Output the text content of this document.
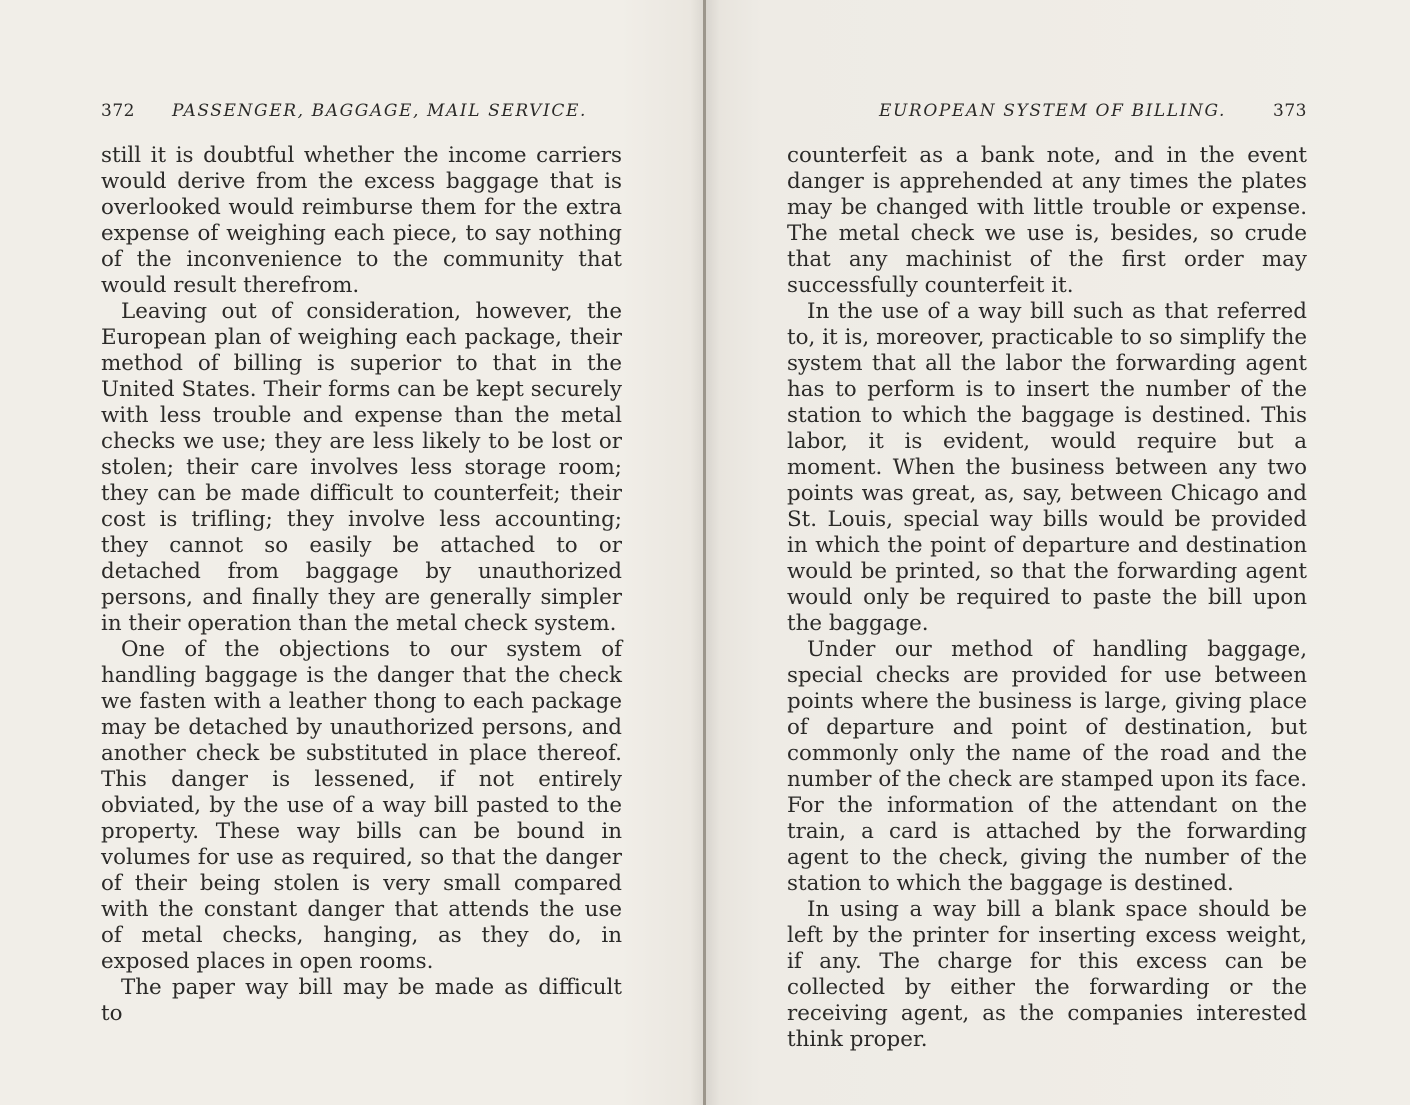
372 PASSENGER, BAGGAGE, MAIL SERVICE.

still it is doubtful whether the income carriers would derive from the excess baggage that is overlooked would reimburse them for the extra expense of weighing each piece, to say nothing of the inconvenience to the community that would result therefrom.

Leaving out of consideration, however, the European plan of weighing each package, their method of billing is superior to that in the United States. Their forms can be kept securely with less trouble and expense than the metal checks we use; they are less likely to be lost or stolen; their care involves less storage room; they can be made difficult to counterfeit; their cost is trifling; they involve less accounting; they cannot so easily be attached to or detached from baggage by unauthorized persons, and finally they are generally simpler in their operation than the metal check system.

One of the objections to our system of handling baggage is the danger that the check we fasten with a leather thong to each package may be detached by unauthorized persons, and another check be substituted in place thereof. This danger is lessened, if not entirely obviated, by the use of a way bill pasted to the property. These way bills can be bound in volumes for use as required, so that the danger of their being stolen is very small compared with the constant danger that attends the use of metal checks, hanging, as they do, in exposed places in open rooms.

The paper way bill may be made as difficult to

EUROPEAN SYSTEM OF BILLING.	373

counterfeit as a bank note, and in the event danger is apprehended at any times the plates may be changed with little trouble or expense. The metal check we use is, besides, so crude that any machinist of the first order may successfully counterfeit it.

In the use of a way bill such as that referred to, it is, moreover, practicable to so simplify the system that all the labor the forwarding agent has to perform is to insert the number of the station to which the baggage is destined. This labor, it is evident, would require but a moment. When the business between any two points was great, as, say, between Chicago and St. Louis, special way bills would be provided in which the point of departure and destination would be printed, so that the forwarding agent would only be required to paste the bill upon the baggage.

Under our method of handling baggage, special checks are provided for use between points where the business is large, giving place of departure and point of destination, but commonly only the name of the road and the number of the check are stamped upon its face. For the information of the attendant on the train, a card is attached by the forwarding agent to the check, giving the number of the station to which the baggage is destined.

In using a way bill a blank space should be left by the printer for inserting excess weight, if any. The charge for this excess can be collected by either the forwarding or the receiving agent, as the companies interested think proper.
